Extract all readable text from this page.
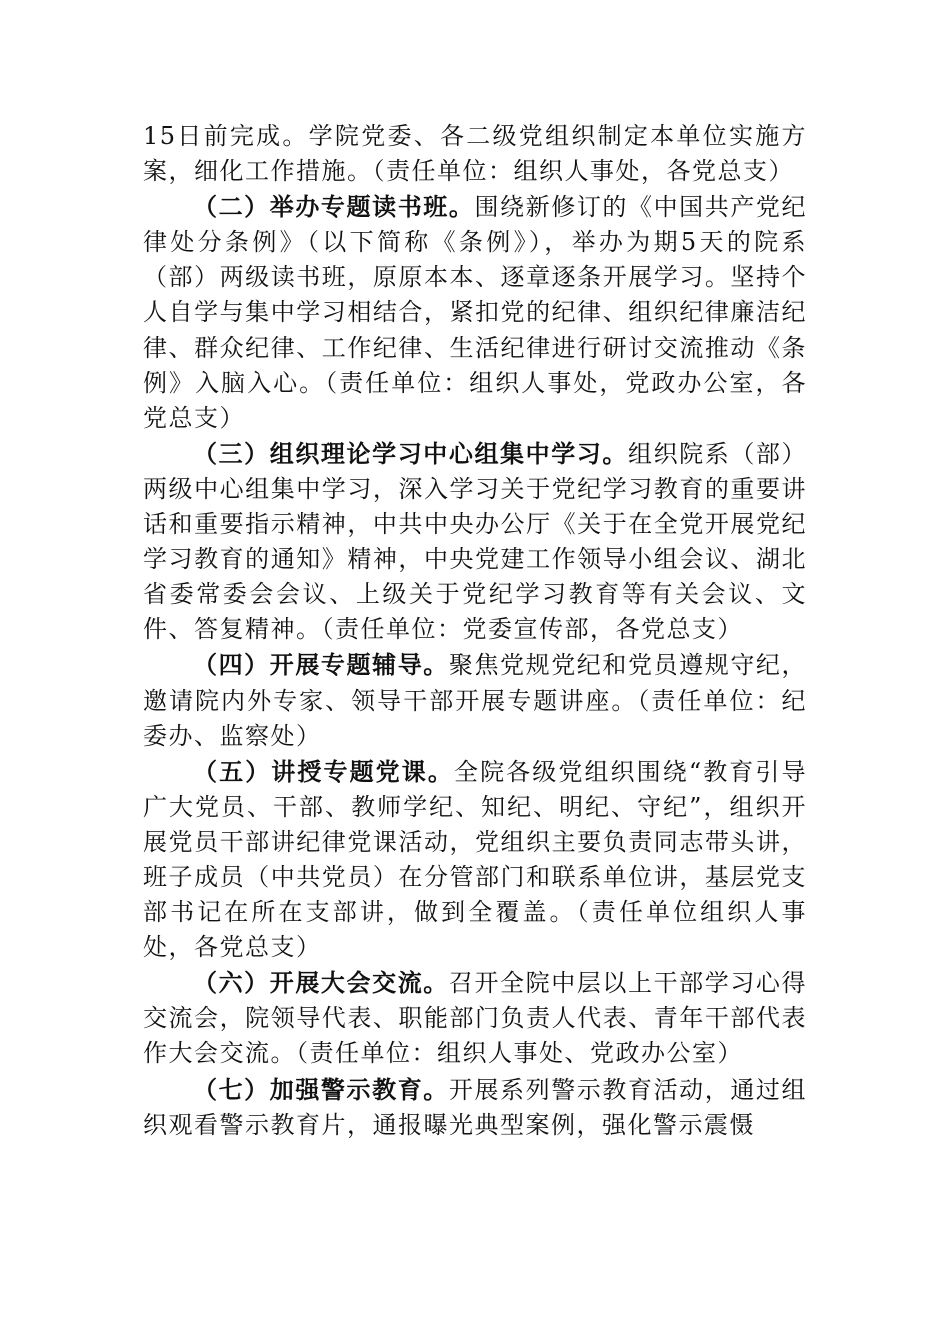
15日前完成。学院党委、各二级党组织制定本单位实施方案，细化工作措施。（责任单位：组织人事处，各党总支）

（二）举办专题读书班。围绕新修订的《中国共产党纪律处分条例》（以下简称《条例》），举办为期5天的院系（部）两级读书班，原原本本、逐章逐条开展学习。坚持个人自学与集中学习相结合，紧扣党的纪律、组织纪律廉洁纪律、群众纪律、工作纪律、生活纪律进行研讨交流推动《条例》入脑入心。（责任单位：组织人事处，党政办公室，各党总支）

（三）组织理论学习中心组集中学习。组织院系（部）两级中心组集中学习，深入学习关于党纪学习教育的重要讲话和重要指示精神，中共中央办公厅《关于在全党开展党纪学习教育的通知》精神，中央党建工作领导小组会议、湖北省委常委会会议、上级关于党纪学习教育等有关会议、文件、答复精神。（责任单位：党委宣传部，各党总支）

（四）开展专题辅导。聚焦党规党纪和党员遵规守纪，邀请院内外专家、领导干部开展专题讲座。（责任单位：纪委办、监察处）

（五）讲授专题党课。全院各级党组织围绕“教育引导广大党员、干部、教师学纪、知纪、明纪、守纪”，组织开展党员干部讲纪律党课活动，党组织主要负责同志带头讲，班子成员（中共党员）在分管部门和联系单位讲，基层党支部书记在所在支部讲，做到全覆盖。（责任单位组织人事处，各党总支）

（六）开展大会交流。召开全院中层以上干部学习心得交流会，院领导代表、职能部门负责人代表、青年干部代表作大会交流。（责任单位：组织人事处、党政办公室）

（七）加强警示教育。开展系列警示教育活动，通过组织观看警示教育片，通报曝光典型案例，强化警示震慑
